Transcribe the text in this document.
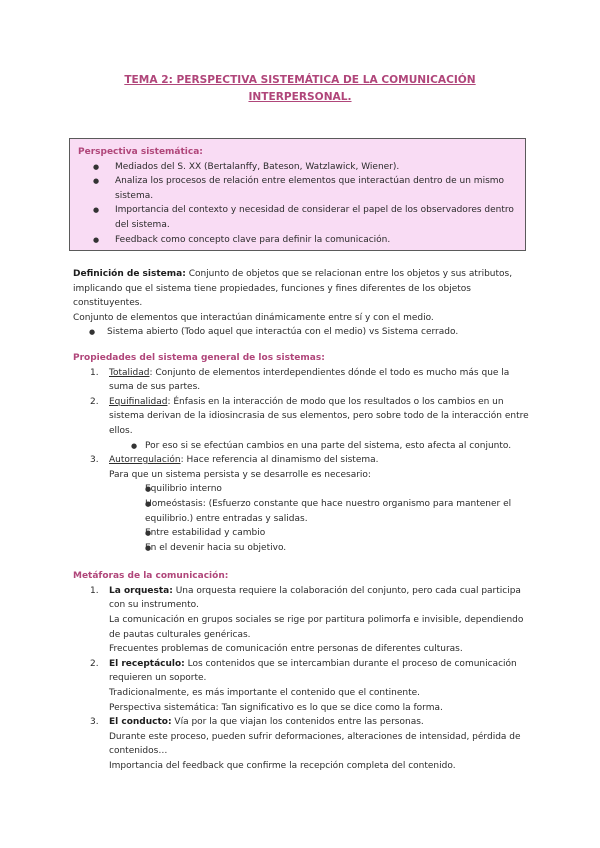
TEMA 2: PERSPECTIVA SISTEMÁTICA DE LA COMUNICACIÓN
INTERPERSONAL.
Perspectiva sistemática:
● Mediados del S. XX (Bertalanffy, Bateson, Watzlawick, Wiener).
● Analiza los procesos de relación entre elementos que interactúan dentro de un mismo sistema.
● Importancia del contexto y necesidad de considerar el papel de los observadores dentro del sistema.
● Feedback como concepto clave para definir la comunicación.

Definición de sistema: Conjunto de objetos que se relacionan entre los objetos y sus atributos, implicando que el sistema tiene propiedades, funciones y fines diferentes de los objetos constituyentes.

Conjunto de elementos que interactúan dinámicamente entre sí y con el medio.

● Sistema abierto (Todo aquel que interactúa con el medio) vs Sistema cerrado.
Propiedades del sistema general de los sistemas:
1. Totalidad: Conjunto de elementos interdependientes dónde el todo es mucho más que la suma de sus partes.
2. Equifinalidad: Énfasis en la interacción de modo que los resultados o los cambios en un sistema derivan de la idiosincrasia de sus elementos, pero sobre todo de la interacción entre ellos.
● Por eso si se efectúan cambios en una parte del sistema, esto afecta al conjunto.
3. Autorregulación: Hace referencia al dinamismo del sistema.
Para que un sistema persista y se desarrolle es necesario:
● Equilibrio interno
● Homeóstasis: (Esfuerzo constante que hace nuestro organismo para mantener el equilibrio.) entre entradas y salidas.
● Entre estabilidad y cambio
● En el devenir hacia su objetivo.
Metáforas de la comunicación:
1. La orquesta: Una orquesta requiere la colaboración del conjunto, pero cada cual participa con su instrumento.
La comunicación en grupos sociales se rige por partitura polimorfa e invisible, dependiendo de pautas culturales genéricas.
Frecuentes problemas de comunicación entre personas de diferentes culturas.
2. El receptáculo: Los contenidos que se intercambian durante el proceso de comunicación requieren un soporte.
Tradicionalmente, es más importante el contenido que el continente.
Perspectiva sistemática: Tan significativo es lo que se dice como la forma.
3. El conducto: Vía por la que viajan los contenidos entre las personas.
Durante este proceso, pueden sufrir deformaciones, alteraciones de intensidad, pérdida de contenidos…
Importancia del feedback que confirme la recepción completa del contenido.
